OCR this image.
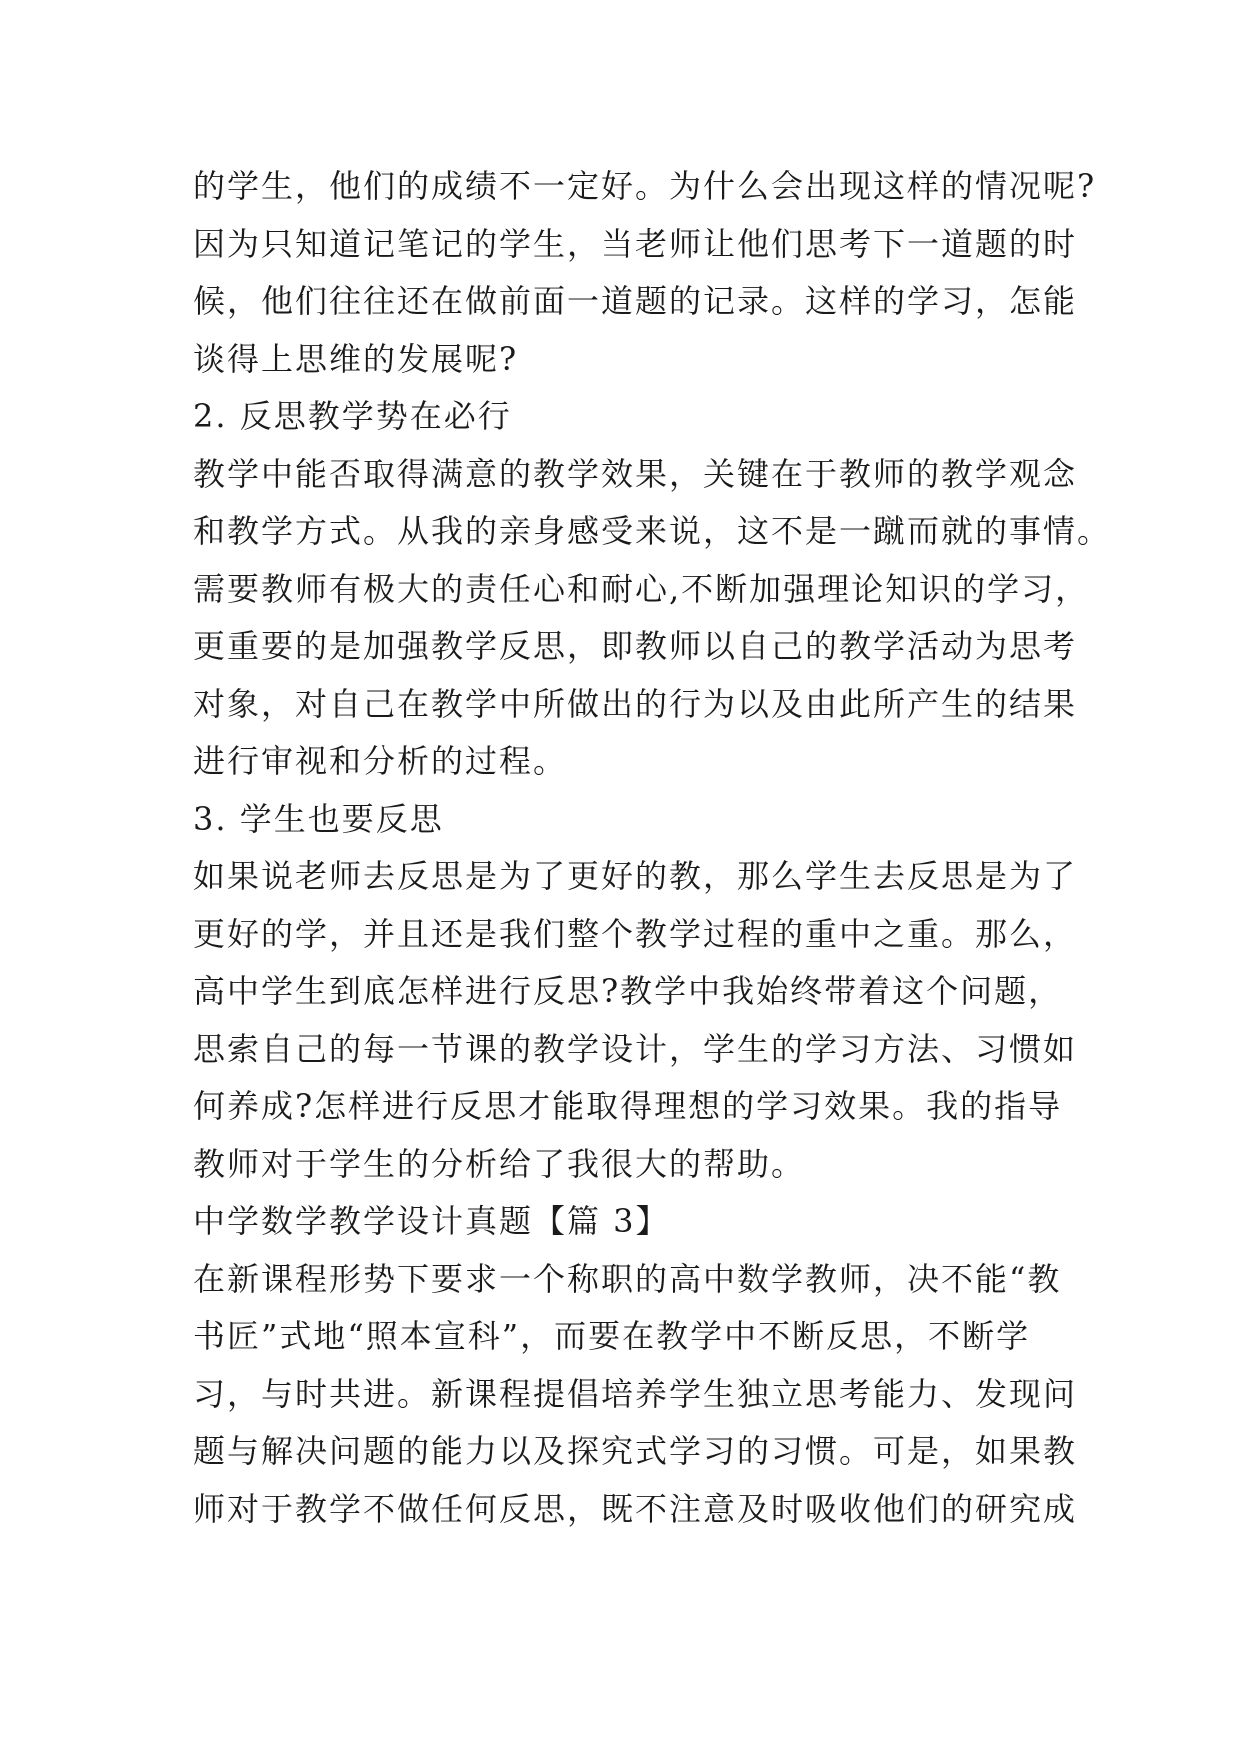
的学生，他们的成绩不一定好。为什么会出现这样的情况呢?
因为只知道记笔记的学生，当老师让他们思考下一道题的时
候，他们往往还在做前面一道题的记录。这样的学习，怎能
谈得上思维的发展呢?
2. 反思教学势在必行
教学中能否取得满意的教学效果，关键在于教师的教学观念
和教学方式。从我的亲身感受来说，这不是一蹴而就的事情。
需要教师有极大的责任心和耐心,不断加强理论知识的学习，
更重要的是加强教学反思，即教师以自己的教学活动为思考
对象，对自己在教学中所做出的行为以及由此所产生的结果
进行审视和分析的过程。
3. 学生也要反思
如果说老师去反思是为了更好的教，那么学生去反思是为了
更好的学，并且还是我们整个教学过程的重中之重。那么，
高中学生到底怎样进行反思?教学中我始终带着这个问题，
思索自己的每一节课的教学设计，学生的学习方法、习惯如
何养成?怎样进行反思才能取得理想的学习效果。我的指导
教师对于学生的分析给了我很大的帮助。
中学数学教学设计真题【篇 3】
在新课程形势下要求一个称职的高中数学教师，决不能“教
书匠”式地“照本宣科”，而要在教学中不断反思，不断学
习，与时共进。新课程提倡培养学生独立思考能力、发现问
题与解决问题的能力以及探究式学习的习惯。可是，如果教
师对于教学不做任何反思，既不注意及时吸收他们的研究成
